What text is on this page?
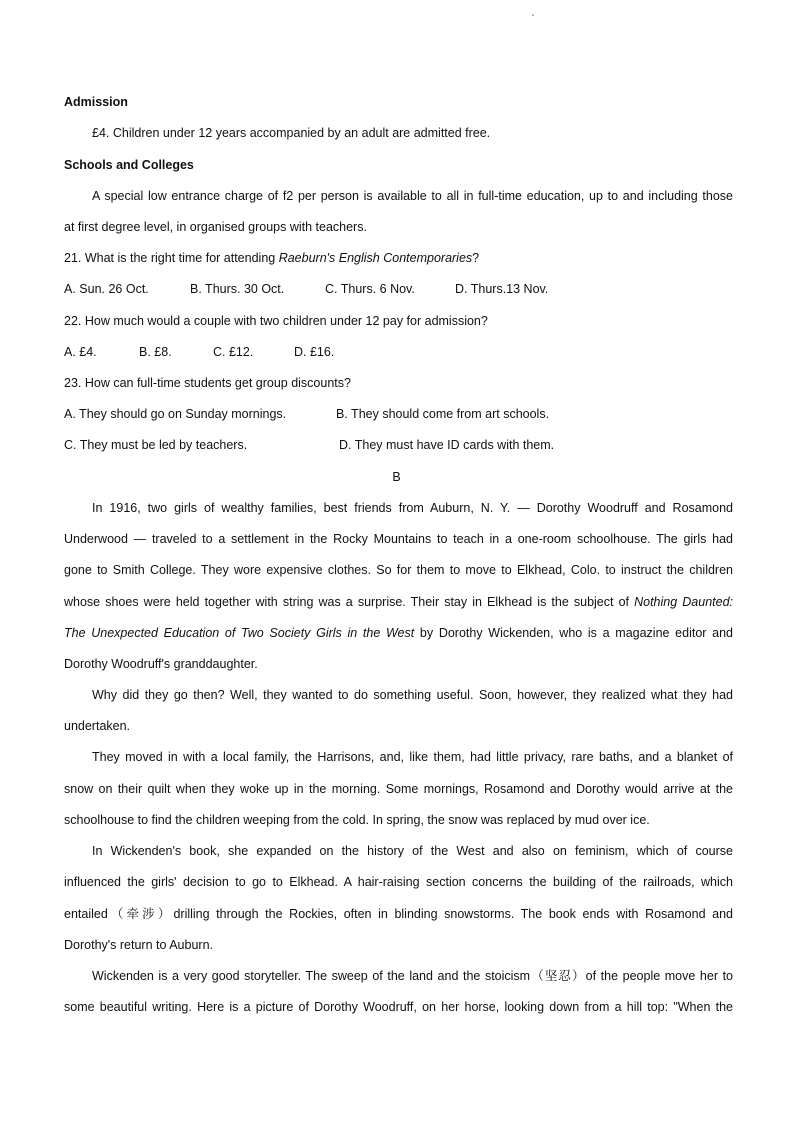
Admission
£4. Children under 12 years accompanied by an adult are admitted free.
Schools and Colleges
A special low entrance charge of f2 per person is available to all in full-time education, up to and including those
at first degree level, in organised groups with teachers.
21. What is the right time for attending Raeburn's English Contemporaries?
A. Sun. 26 Oct.	B. Thurs. 30 Oct.	C. Thurs. 6 Nov.	D. Thurs.13 Nov.
22. How much would a couple with two children under 12 pay for admission?
A. £4.	B. £8.	C. £12.	D. £16.
23. How can full-time students get group discounts?
A. They should go on Sunday mornings.	B. They should come from art schools.
C. They must be led by teachers.	D. They must have ID cards with them.
B
In 1916, two girls of wealthy families, best friends from Auburn, N. Y. — Dorothy Woodruff and Rosamond
Underwood — traveled to a settlement in the Rocky Mountains to teach in a one-room schoolhouse. The girls had
gone to Smith College. They wore expensive clothes. So for them to move to Elkhead, Colo. to instruct the children
whose shoes were held together with string was a surprise. Their stay in Elkhead is the subject of Nothing Daunted:
The Unexpected Education of Two Society Girls in the West by Dorothy Wickenden, who is a magazine editor and
Dorothy Woodruff's granddaughter.
Why did they go then? Well, they wanted to do something useful. Soon, however, they realized what they had
undertaken.
They moved in with a local family, the Harrisons, and, like them, had little privacy, rare baths, and a blanket of
snow on their quilt when they woke up in the morning. Some mornings, Rosamond and Dorothy would arrive at the
schoolhouse to find the children weeping from the cold. In spring, the snow was replaced by mud over ice.
In Wickenden's book, she expanded on the history of the West and also on feminism, which of course
influenced the girls' decision to go to Elkhead. A hair-raising section concerns the building of the railroads, which
entailed（牵涉）drilling through the Rockies, often in blinding snowstorms. The book ends with Rosamond and
Dorothy's return to Auburn.
Wickenden is a very good storyteller. The sweep of the land and the stoicism（坚忍）of the people move her to
some beautiful writing. Here is a picture of Dorothy Woodruff, on her horse, looking down from a hill top: "When the
